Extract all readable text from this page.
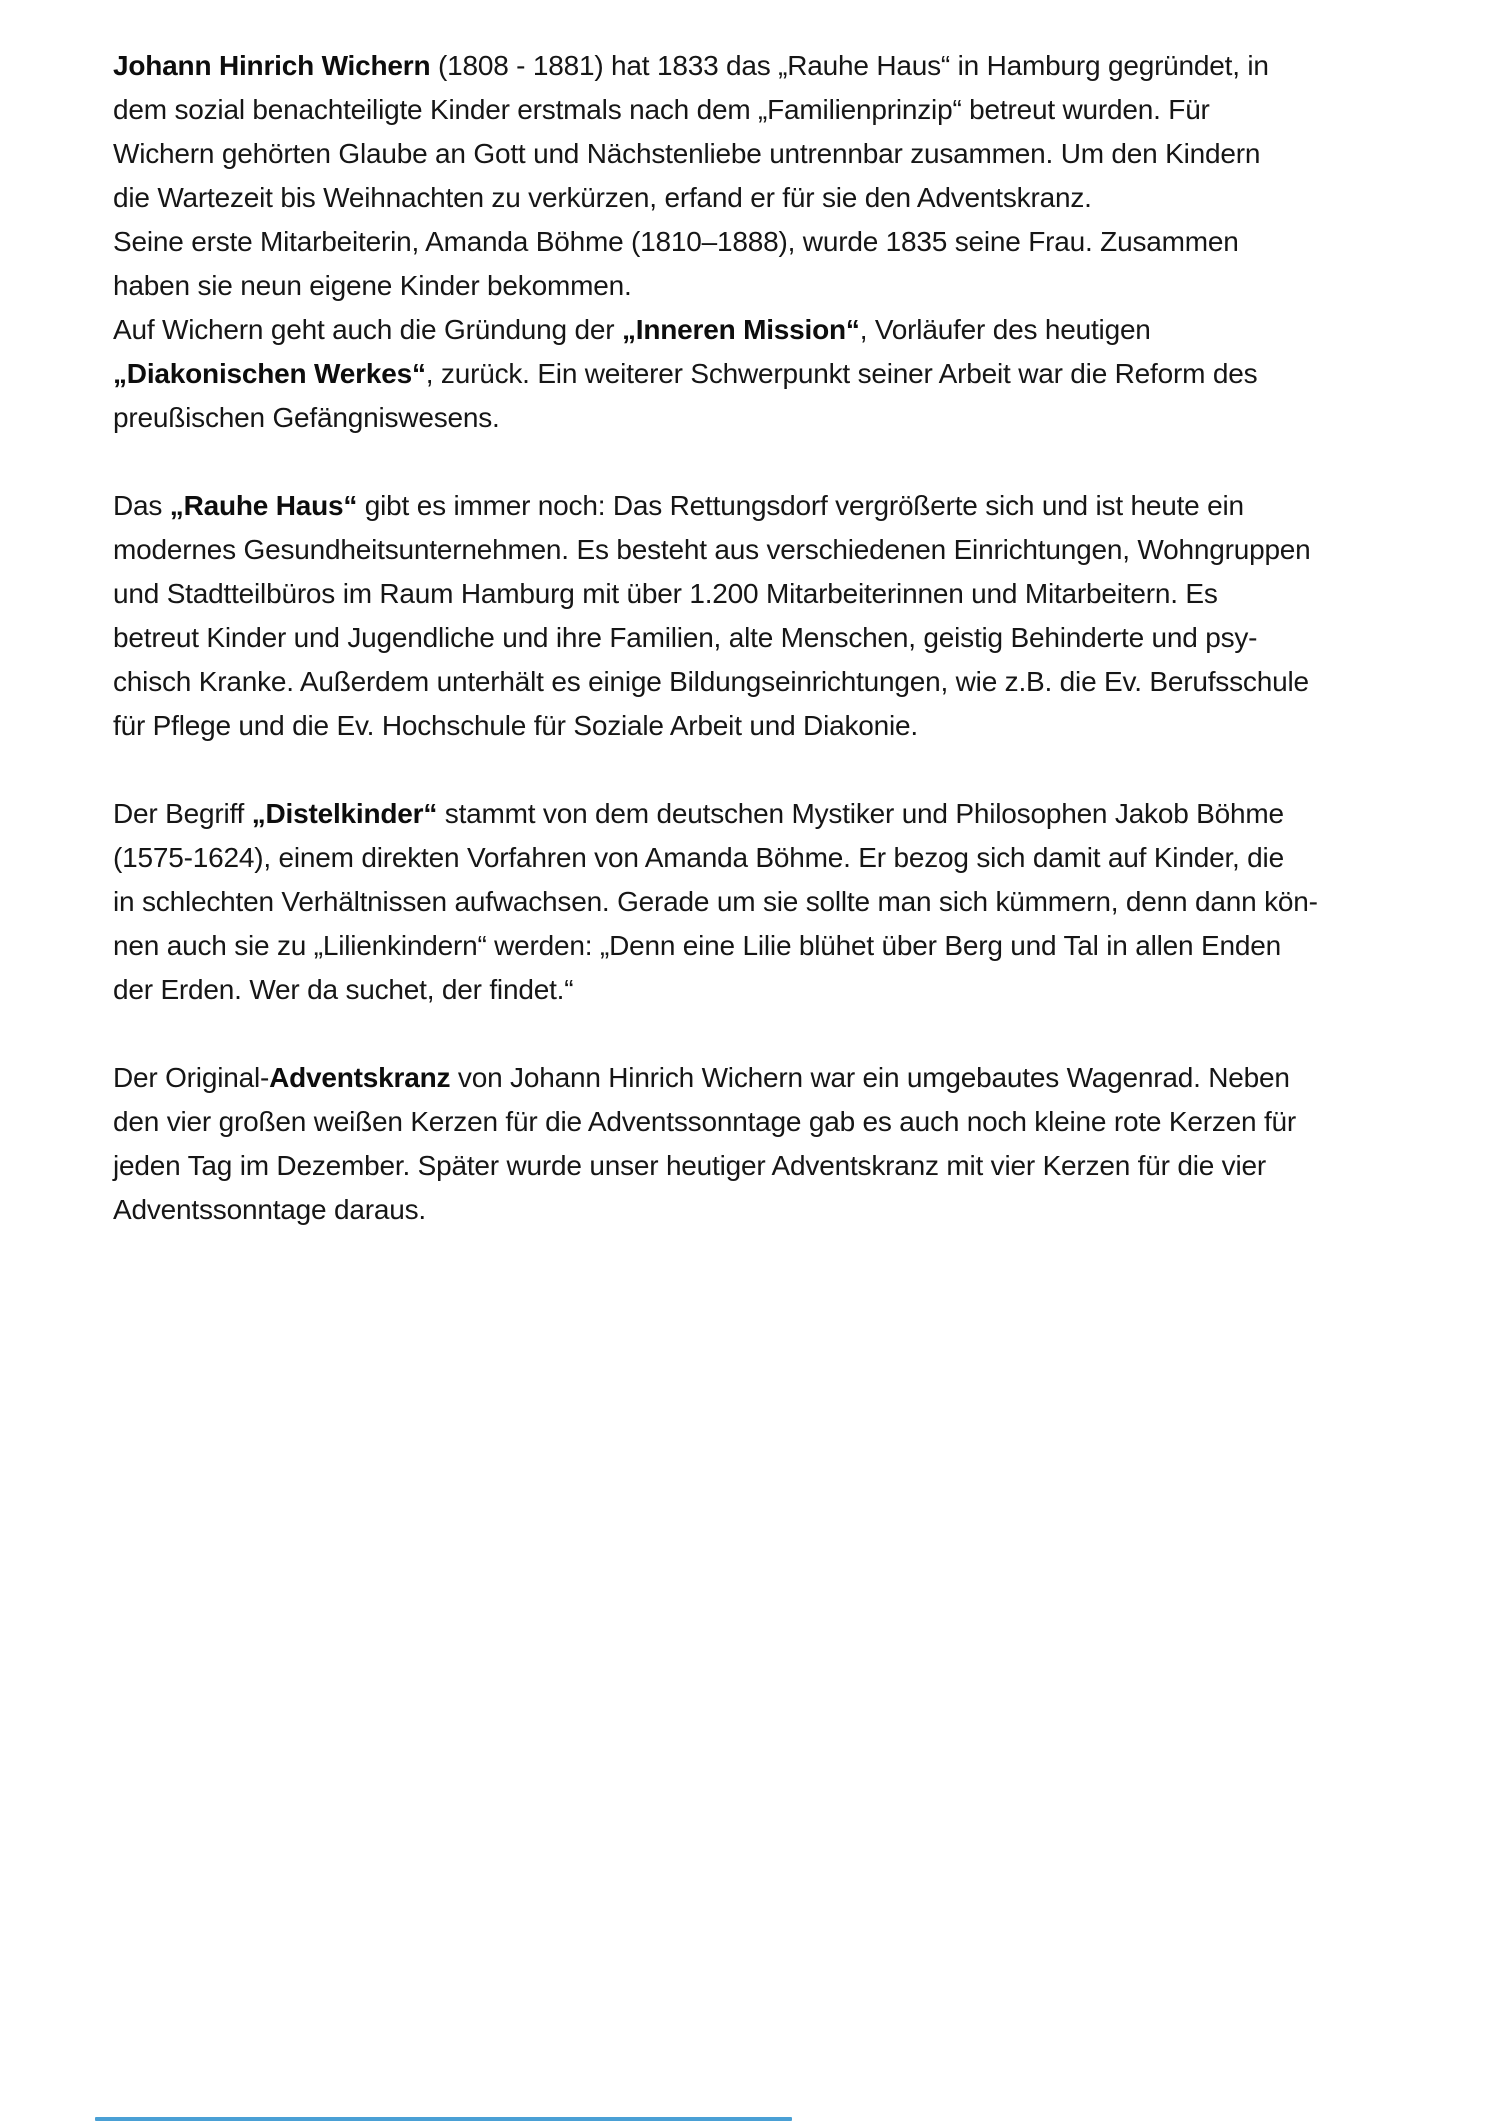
Johann Hinrich Wichern (1808 - 1881) hat 1833 das „Rauhe Haus“ in Hamburg gegründet, in
dem sozial benachteiligte Kinder erstmals nach dem „Familienprinzip“ betreut wurden. Für
Wichern gehörten Glaube an Gott und Nächstenliebe untrennbar zusammen. Um den Kindern
die Wartezeit bis Weihnachten zu verkürzen, erfand er für sie den Adventskranz.
Seine erste Mitarbeiterin, Amanda Böhme (1810–1888), wurde 1835 seine Frau. Zusammen
haben sie neun eigene Kinder bekommen.
Auf Wichern geht auch die Gründung der „Inneren Mission“, Vorläufer des heutigen
„Diakonischen Werkes“, zurück. Ein weiterer Schwerpunkt seiner Arbeit war die Reform des
preußischen Gefängniswesens.

Das „Rauhe Haus“ gibt es immer noch: Das Rettungsdorf vergrößerte sich und ist heute ein
modernes Gesundheitsunternehmen. Es besteht aus verschiedenen Einrichtungen, Wohngruppen
und Stadtteilbüros im Raum Hamburg mit über 1.200 Mitarbeiterinnen und Mitarbeitern. Es
betreut Kinder und Jugendliche und ihre Familien, alte Menschen, geistig Behinderte und psy-
chisch Kranke. Außerdem unterhält es einige Bildungseinrichtungen, wie z.B. die Ev. Berufsschule
für Pflege und die Ev. Hochschule für Soziale Arbeit und Diakonie.

Der Begriff „Distelkinder“ stammt von dem deutschen Mystiker und Philosophen Jakob Böhme
(1575-1624), einem direkten Vorfahren von Amanda Böhme. Er bezog sich damit auf Kinder, die
in schlechten Verhältnissen aufwachsen. Gerade um sie sollte man sich kümmern, denn dann kön-
nen auch sie zu „Lilienkindern“ werden: „Denn eine Lilie blühet über Berg und Tal in allen Enden
der Erden. Wer da suchet, der findet.“

Der Original-Adventskranz von Johann Hinrich Wichern war ein umgebautes Wagenrad. Neben
den vier großen weißen Kerzen für die Adventssonntage gab es auch noch kleine rote Kerzen für
jeden Tag im Dezember. Später wurde unser heutiger Adventskranz mit vier Kerzen für die vier
Adventssonntage daraus.
